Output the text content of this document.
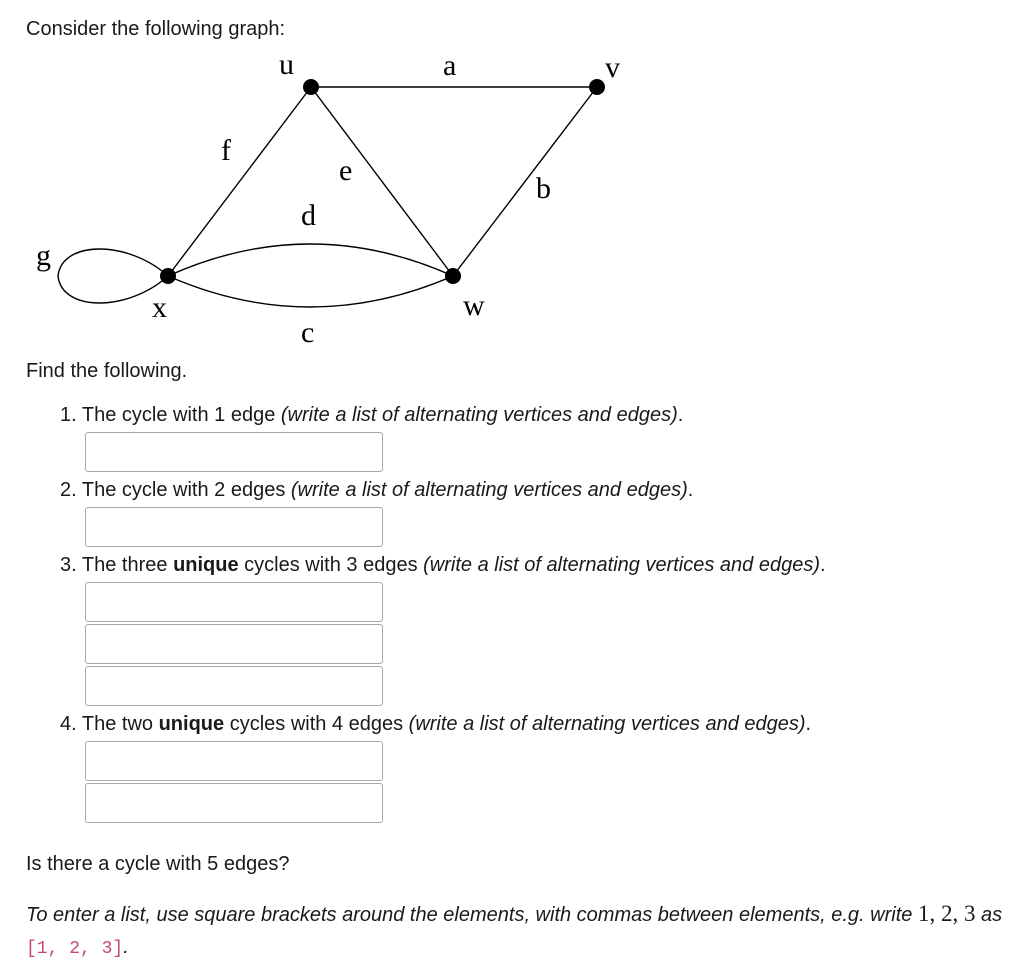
Consider the following graph:

u	a	v
f
e
b
d
g
x	w
c

Find the following.

1. The cycle with 1 edge (write a list of alternating vertices and edges).

2. The cycle with 2 edges (write a list of alternating vertices and edges).

3. The three unique cycles with 3 edges (write a list of alternating vertices and edges).

4. The two unique cycles with 4 edges (write a list of alternating vertices and edges).

Is there a cycle with 5 edges?

To enter a list, use square brackets around the elements, with commas between elements, e.g. write 1, 2, 3 as [1, 2, 3].
